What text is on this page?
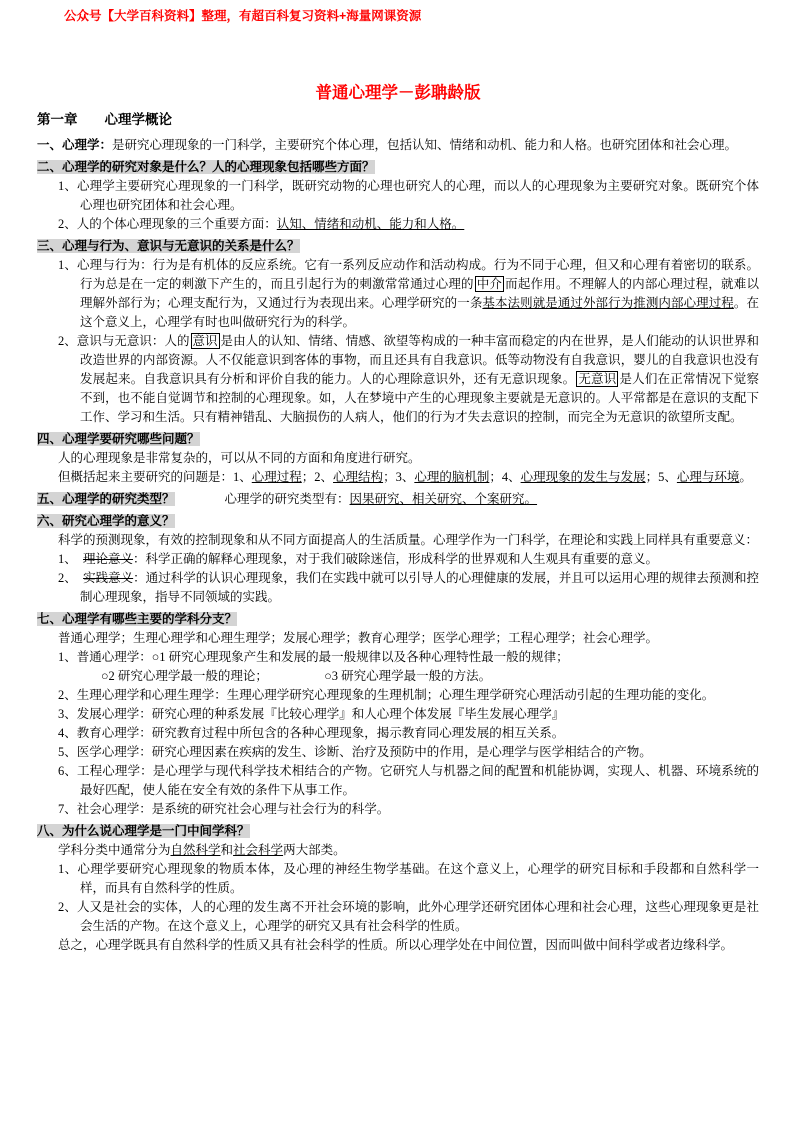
公众号【大学百科资料】整理，有超百科复习资料+海量网课资源
普通心理学－彭聃龄版
第一章　　心理学概论
一、心理学：是研究心理现象的一门科学，主要研究个体心理，包括认知、情绪和动机、能力和人格。也研究团体和社会心理。
二、心理学的研究对象是什么？人的心理现象包括哪些方面？
1、心理学主要研究心理现象的一门科学，既研究动物的心理也研究人的心理，而以人的心理现象为主要研究对象。既研究个体心理也研究团体和社会心理。
2、人的个体心理现象的三个重要方面：认知、情绪和动机、能力和人格。
三、心理与行为、意识与无意识的关系是什么？
1、心理与行为：行为是有机体的反应系统。它有一系列反应动作和活动构成。行为不同于心理，但又和心理有着密切的联系。行为总是在一定的刺激下产生的，而且引起行为的刺激常常通过心理的 中介 而起作用。不理解人的内部心理过程，就难以理解外部行为；心理支配行为，又通过行为表现出来。心理学研究的一条基本法则就是通过外部行为推测内部心理过程。在这个意义上，心理学有时也叫做研究行为的科学。
2、意识与无意识：人的 意识 是由人的认知、情绪、情感、欲望等构成的一种丰富而稳定的内在世界，是人们能动的认识世界和改造世界的内部资源。人不仅能意识到客体的事物，而且还具有自我意识。低等动物没有自我意识，婴儿的自我意识也没有发展起来。自我意识具有分析和评价自我的能力。人的心理除意识外，还有无意识现象。 无意识 是人们在正常情况下觉察不到，也不能自觉调节和控制的心理现象。如，人在梦境中产生的心理现象主要就是无意识的。人平常都是在意识的支配下工作、学习和生活。只有精神错乱、大脑损伤的人病人，他们的行为才失去意识的控制，而完全为无意识的欲望所支配。
四、心理学要研究哪些问题？
人的心理现象是非常复杂的，可以从不同的方面和角度进行研究。
但概括起来主要研究的问题是：1、心理过程；2、心理结构；3、心理的脑机制；4、心理现象的发生与发展；5、心理与环境。
五、心理学的研究类型？　　　　心理学的研究类型有：因果研究、相关研究、个案研究。
六、研究心理学的意义？
科学的预测现象，有效的控制现象和从不同方面提高人的生活质量。心理学作为一门科学，在理论和实践上同样具有重要意义：
1、　理论意义：科学正确的解释心理现象，对于我们破除迷信，形成科学的世界观和人生观具有重要的意义。
2、　实践意义：通过科学的认识心理现象，我们在实践中就可以引导人的心理健康的发展，并且可以运用心理的规律去预测和控制心理现象，指导不同领域的实践。
七、心理学有哪些主要的学科分支？
普通心理学；生理心理学和心理生理学；发展心理学；教育心理学；医学心理学；工程心理学；社会心理学。
1、普通心理学：○1 研究心理现象产生和发展的最一般规律以及各种心理特性最一般的规律；
○2 研究心理学最一般的理论；　　　　　	○3 研究心理学最一般的方法。
2、生理心理学和心理生理学：生理心理学研究心理现象的生理机制；心理生理学研究心理活动引起的生理功能的变化。
3、发展心理学：研究心理的种系发展『比较心理学』和人心理个体发展『毕生发展心理学』
4、教育心理学：研究教育过程中所包含的各种心理现象，揭示教育同心理发展的相互关系。
5、医学心理学：研究心理因素在疾病的发生、诊断、治疗及预防中的作用，是心理学与医学相结合的产物。
6、工程心理学：是心理学与现代科学技术相结合的产物。它研究人与机器之间的配置和机能协调，实现人、机器、环境系统的最好匹配，使人能在安全有效的条件下从事工作。
7、社会心理学：是系统的研究社会心理与社会行为的科学。
八、为什么说心理学是一门中间学科？
学科分类中通常分为自然科学和社会科学两大部类。
1、心理学要研究心理现象的物质本体，及心理的神经生物学基础。在这个意义上，心理学的研究目标和手段都和自然科学一样，而具有自然科学的性质。
2、人又是社会的实体，人的心理的发生离不开社会环境的影响，此外心理学还研究团体心理和社会心理，这些心理现象更是社会生活的产物。在这个意义上，心理学的研究又具有社会科学的性质。
总之，心理学既具有自然科学的性质又具有社会科学的性质。所以心理学处在中间位置，因而叫做中间科学或者边缘科学。
